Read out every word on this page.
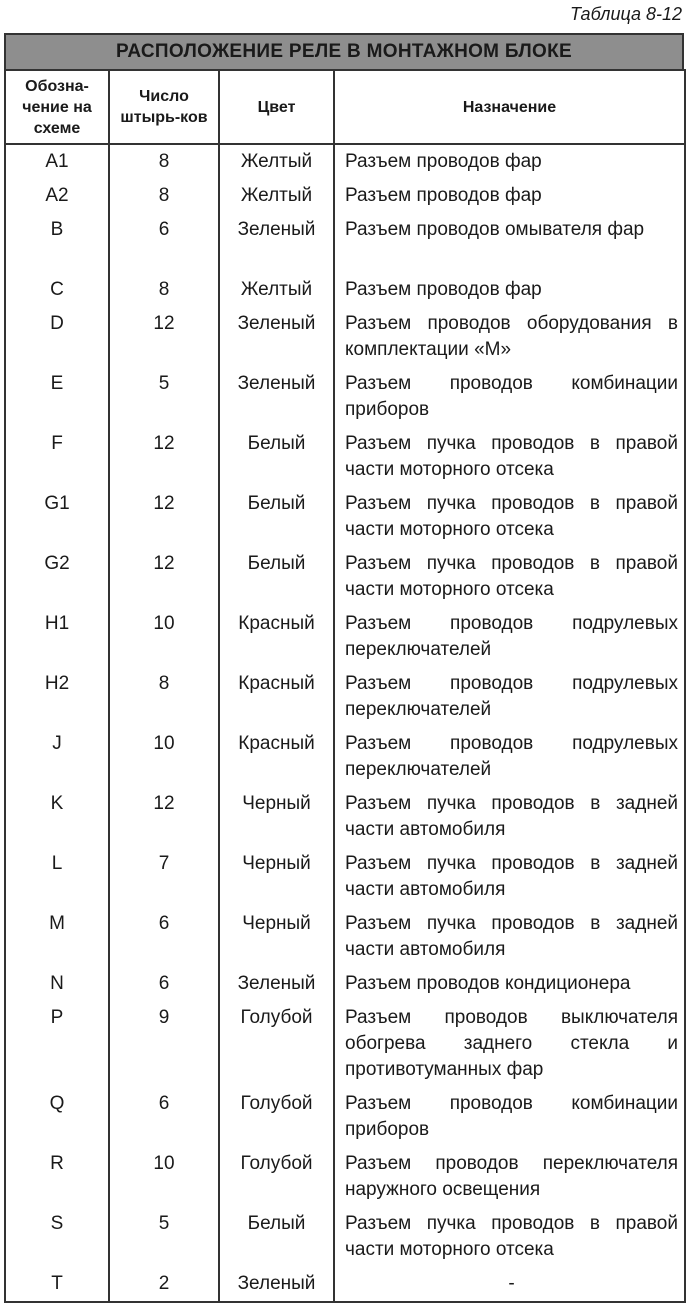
Таблица 8-12
РАСПОЛОЖЕНИЕ РЕЛЕ В МОНТАЖНОМ БЛОКЕ
Обозна-чение на схеме	Число штырь-ков	Цвет	Назначение
A1	8	Желтый	Разъем проводов фар
A2	8	Желтый	Разъем проводов фар
B	6	Зеленый	Разъем проводов омывателя фар
C	8	Желтый	Разъем проводов фар
D	12	Зеленый	Разъем проводов оборудования в комплектации «М»
E	5	Зеленый	Разъем проводов комбинации приборов
F	12	Белый	Разъем пучка проводов в правой части моторного отсека
G1	12	Белый	Разъем пучка проводов в правой части моторного отсека
G2	12	Белый	Разъем пучка проводов в правой части моторного отсека
H1	10	Красный	Разъем проводов подрулевых переключателей
H2	8	Красный	Разъем проводов подрулевых переключателей
J	10	Красный	Разъем проводов подрулевых переключателей
K	12	Черный	Разъем пучка проводов в задней части автомобиля
L	7	Черный	Разъем пучка проводов в задней части автомобиля
M	6	Черный	Разъем пучка проводов в задней части автомобиля
N	6	Зеленый	Разъем проводов кондиционера
P	9	Голубой	Разъем проводов выключателя обогрева заднего стекла и противотуманных фар
Q	6	Голубой	Разъем проводов комбинации приборов
R	10	Голубой	Разъем проводов переключателя наружного освещения
S	5	Белый	Разъем пучка проводов в правой части моторного отсека
T	2	Зеленый	-
